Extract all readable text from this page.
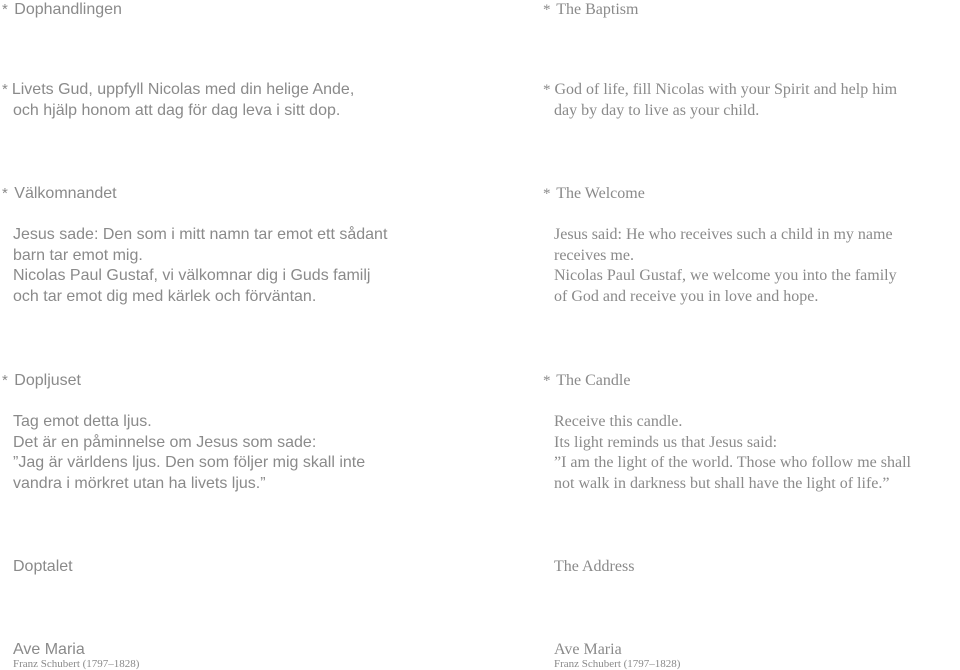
* Dophandlingen
* Livets Gud, uppfyll Nicolas med din helige Ande,
och hjälp honom att dag för dag leva i sitt dop.
* Välkomnandet
Jesus sade: Den som i mitt namn tar emot ett sådant
barn tar emot mig.
Nicolas Paul Gustaf, vi välkomnar dig i Guds familj
och tar emot dig med kärlek och förväntan.
* Dopljuset
Tag emot detta ljus.
Det är en påminnelse om Jesus som sade:
”Jag är världens ljus. Den som följer mig skall inte
vandra i mörkret utan ha livets ljus.”
Doptalet
Ave Maria
Franz Schubert (1797–1828)
* The Baptism
* God of life, fill Nicolas with your Spirit and help him
day by day to live as your child.
* The Welcome
Jesus said: He who receives such a child in my name
receives me.
Nicolas Paul Gustaf, we welcome you into the family
of God and receive you in love and hope.
* The Candle
Receive this candle.
Its light reminds us that Jesus said:
”I am the light of the world. Those who follow me shall
not walk in darkness but shall have the light of life.”
The Address
Ave Maria
Franz Schubert (1797–1828)
